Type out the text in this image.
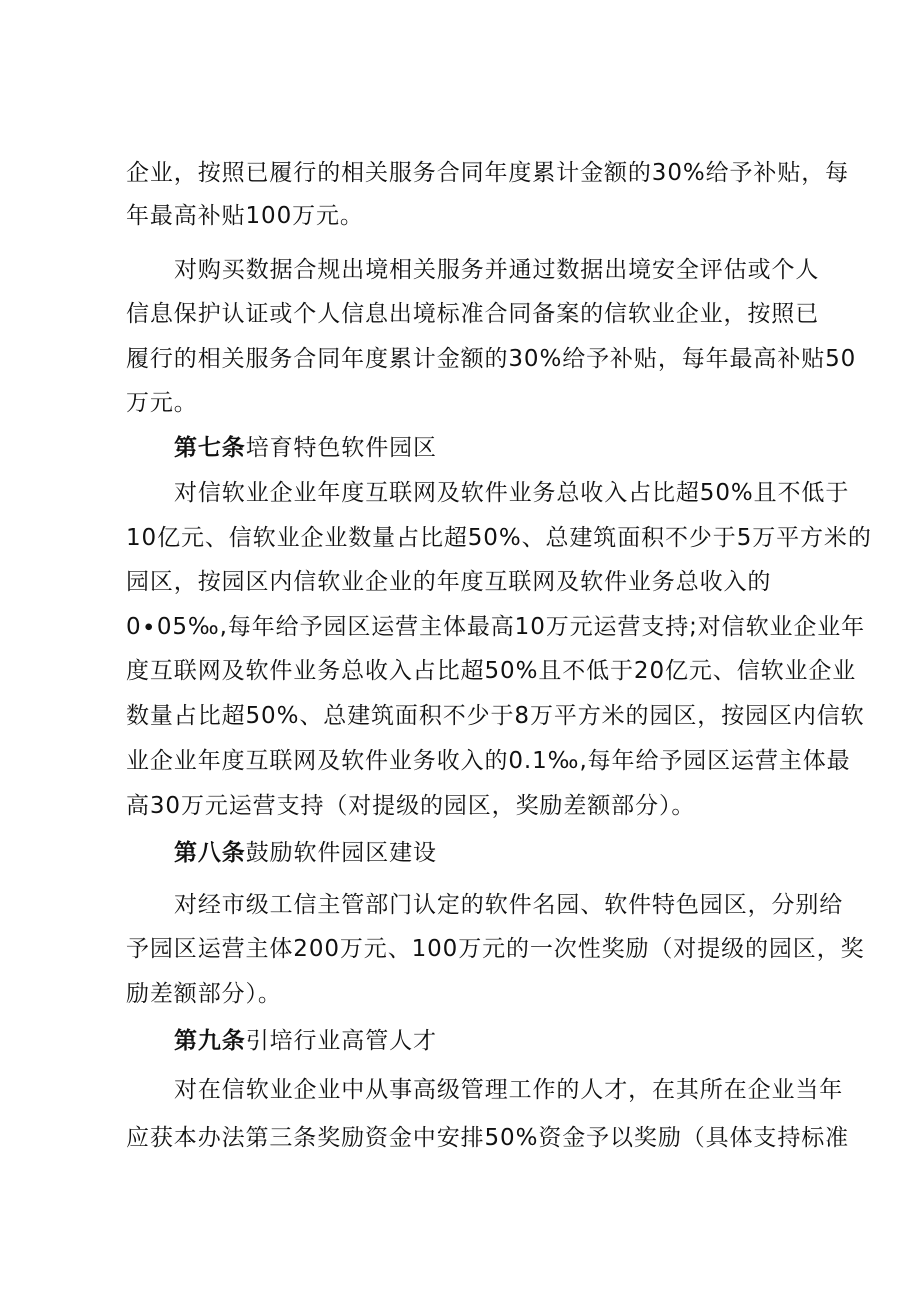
企业，按照已履行的相关服务合同年度累计金额的30%给予补贴，每
年最高补贴100万元。
对购买数据合规出境相关服务并通过数据出境安全评估或个人
信息保护认证或个人信息出境标准合同备案的信软业企业，按照已
履行的相关服务合同年度累计金额的30%给予补贴，每年最高补贴50
万元。
第七条培育特色软件园区
对信软业企业年度互联网及软件业务总收入占比超50%且不低于
10亿元、信软业企业数量占比超50%、总建筑面积不少于5万平方米的
园区，按园区内信软业企业的年度互联网及软件业务总收入的
0∙05‰,每年给予园区运营主体最高10万元运营支持;对信软业企业年
度互联网及软件业务总收入占比超50%且不低于20亿元、信软业企业
数量占比超50%、总建筑面积不少于8万平方米的园区，按园区内信软
业企业年度互联网及软件业务收入的0.1‰,每年给予园区运营主体最
高30万元运营支持（对提级的园区，奖励差额部分）。
第八条鼓励软件园区建设
对经市级工信主管部门认定的软件名园、软件特色园区，分别给
予园区运营主体200万元、100万元的一次性奖励（对提级的园区，奖
励差额部分）。
第九条引培行业高管人才
对在信软业企业中从事高级管理工作的人才，在其所在企业当年
应获本办法第三条奖励资金中安排50%资金予以奖励（具体支持标准
